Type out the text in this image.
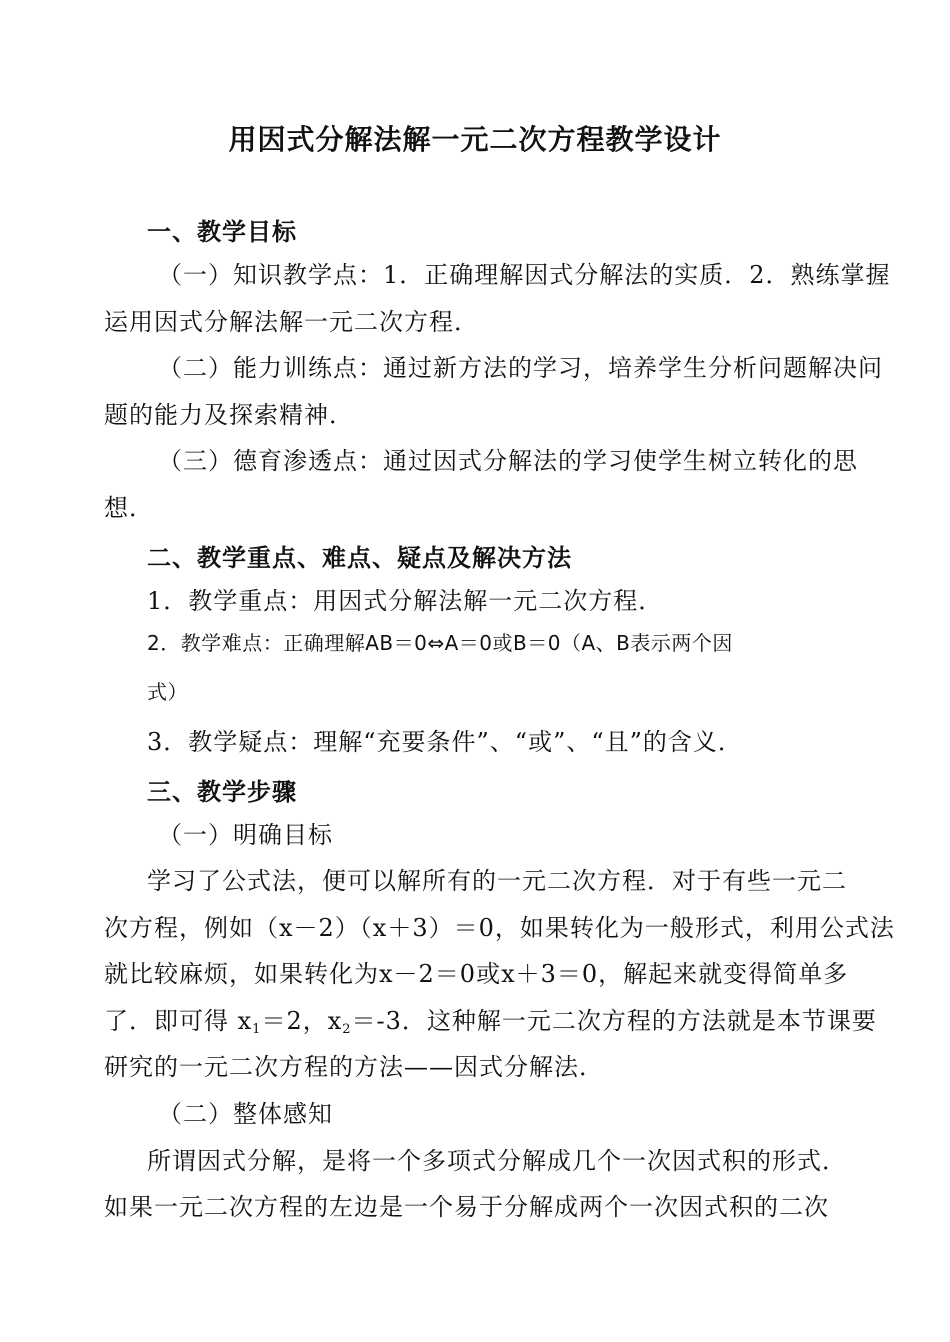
用因式分解法解一元二次方程教学设计
一、教学目标

（一）知识教学点：1．正确理解因式分解法的实质．2．熟练掌握

运用因式分解法解一元二次方程．

（二）能力训练点：通过新方法的学习，培养学生分析问题解决问

题的能力及探索精神．

（三）德育渗透点：通过因式分解法的学习使学生树立转化的思

想．

二、教学重点、难点、疑点及解决方法

1．教学重点：用因式分解法解一元二次方程．

2．教学难点：正确理解AB＝0⇔A＝0或B＝0（A、B表示两个因

式）

3．教学疑点：理解“充要条件”、“或”、“且”的含义．

三、教学步骤

（一）明确目标

学习了公式法，便可以解所有的一元二次方程．对于有些一元二

次方程，例如（x－2）（x＋3）＝0，如果转化为一般形式，利用公式法

就比较麻烦，如果转化为x－2＝0或x＋3＝0，解起来就变得简单多

了．即可得 $x_1=2$，$x_2=-3$．这种解一元二次方程的方法就是本节课要

研究的一元二次方程的方法——因式分解法．

（二）整体感知

所谓因式分解，是将一个多项式分解成几个一次因式积的形式．

如果一元二次方程的左边是一个易于分解成两个一次因式积的二次
